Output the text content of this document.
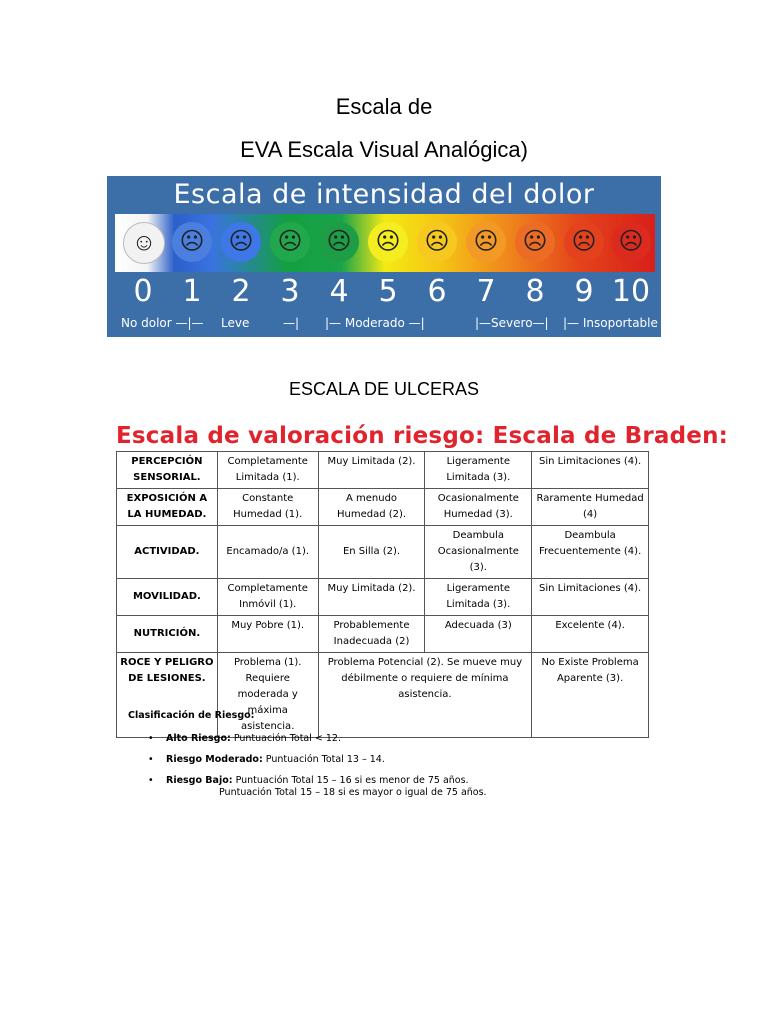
Escala de
EVA Escala Visual Analógica)
Escala de intensidad del dolor
☺ ☹ ☹ ☹ ☹ ☹ ☹ ☹ ☹ ☹ ☹
0 1 2 3 4 5 6 7 8 9 10
No dolor —|— Leve	—| |— Moderado —|	|—Severo—| |— Insoportable
ESCALA DE ULCERAS
Escala de valoración riesgo: Escala de Braden:
PERCEPCIÓN SENSORIAL.	Completamente Limitada (1).	Muy Limitada (2).	Ligeramente Limitada (3).	Sin Limitaciones (4).
EXPOSICIÓN A LA HUMEDAD.	Constante Humedad (1).	A menudo Humedad (2).	Ocasionalmente Humedad (3).	Raramente Humedad (4)
ACTIVIDAD.	Encamado/a (1).	En Silla (2).	Deambula Ocasionalmente (3).	Deambula Frecuentemente (4).
MOVILIDAD.	Completamente Inmóvil (1).	Muy Limitada (2).	Ligeramente Limitada (3).	Sin Limitaciones (4).
NUTRICIÓN.	Muy Pobre (1).	Probablemente Inadecuada (2)	Adecuada (3)	Excelente (4).
ROCE Y PELIGRO DE LESIONES.	Problema (1). Requiere moderada y máxima asistencia.	Problema Potencial (2). Se mueve muy débilmente o requiere de mínima asistencia.		No Existe Problema Aparente (3).
Clasificación de Riesgo:
• Alto Riesgo: Puntuación Total < 12.
• Riesgo Moderado: Puntuación Total 13 – 14.
• Riesgo Bajo: Puntuación Total 15 – 16 si es menor de 75 años.
Puntuación Total 15 – 18 si es mayor o igual de 75 años.
